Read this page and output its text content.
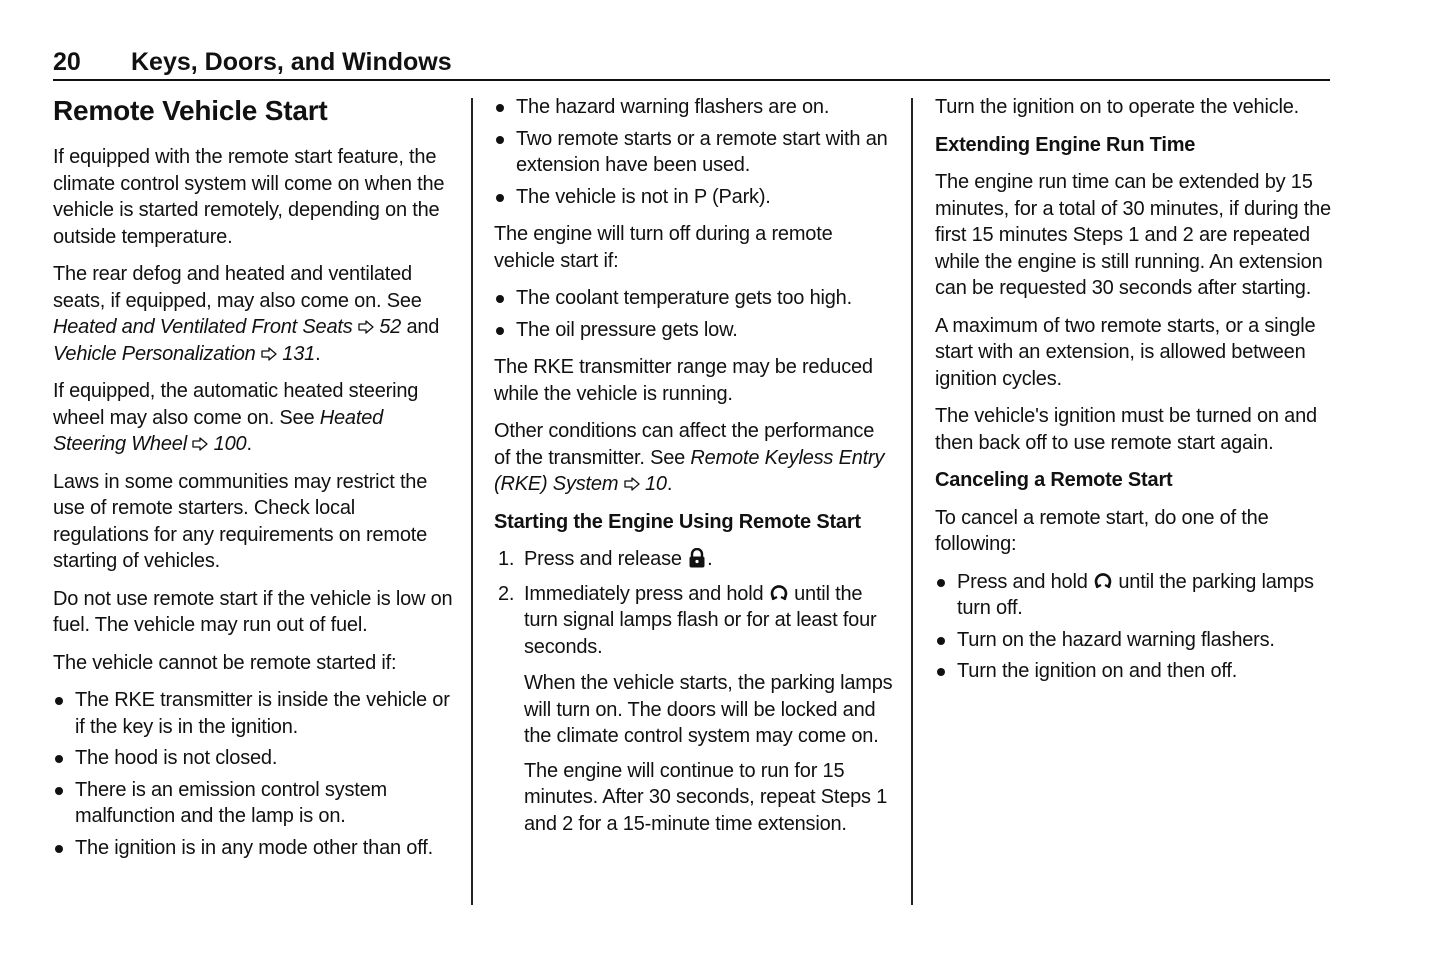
20	Keys, Doors, and Windows
Remote Vehicle Start

If equipped with the remote start feature, the climate control system will come on when the vehicle is started remotely, depending on the outside temperature.

The rear defog and heated and ventilated seats, if equipped, may also come on. See Heated and Ventilated Front Seats 52 and Vehicle Personalization 131.

If equipped, the automatic heated steering wheel may also come on. See Heated Steering Wheel 100.

Laws in some communities may restrict the use of remote starters. Check local regulations for any requirements on remote starting of vehicles.

Do not use remote start if the vehicle is low on fuel. The vehicle may run out of fuel.

The vehicle cannot be remote started if:

The RKE transmitter is inside the vehicle or if the key is in the ignition.
The hood is not closed.
There is an emission control system malfunction and the lamp is on.
The ignition is in any mode other than off.
The hazard warning flashers are on.
Two remote starts or a remote start with an extension have been used.
The vehicle is not in P (Park).

The engine will turn off during a remote vehicle start if:

The coolant temperature gets too high.
The oil pressure gets low.

The RKE transmitter range may be reduced while the vehicle is running.

Other conditions can affect the performance of the transmitter. See Remote Keyless Entry (RKE) System 10.

Starting the Engine Using Remote Start
1. Press and release .
2. Immediately press and hold until the turn signal lamps flash or for at least four seconds.

When the vehicle starts, the parking lamps will turn on. The doors will be locked and the climate control system may come on.

The engine will continue to run for 15 minutes. After 30 seconds, repeat Steps 1 and 2 for a 15-minute time extension.

Turn the ignition on to operate the vehicle.

Extending Engine Run Time

The engine run time can be extended by 15 minutes, for a total of 30 minutes, if during the first 15 minutes Steps 1 and 2 are repeated while the engine is still running. An extension can be requested 30 seconds after starting.

A maximum of two remote starts, or a single start with an extension, is allowed between ignition cycles.

The vehicle's ignition must be turned on and then back off to use remote start again.

Canceling a Remote Start

To cancel a remote start, do one of the following:

Press and hold until the parking lamps turn off.
Turn on the hazard warning flashers.
Turn the ignition on and then off.
